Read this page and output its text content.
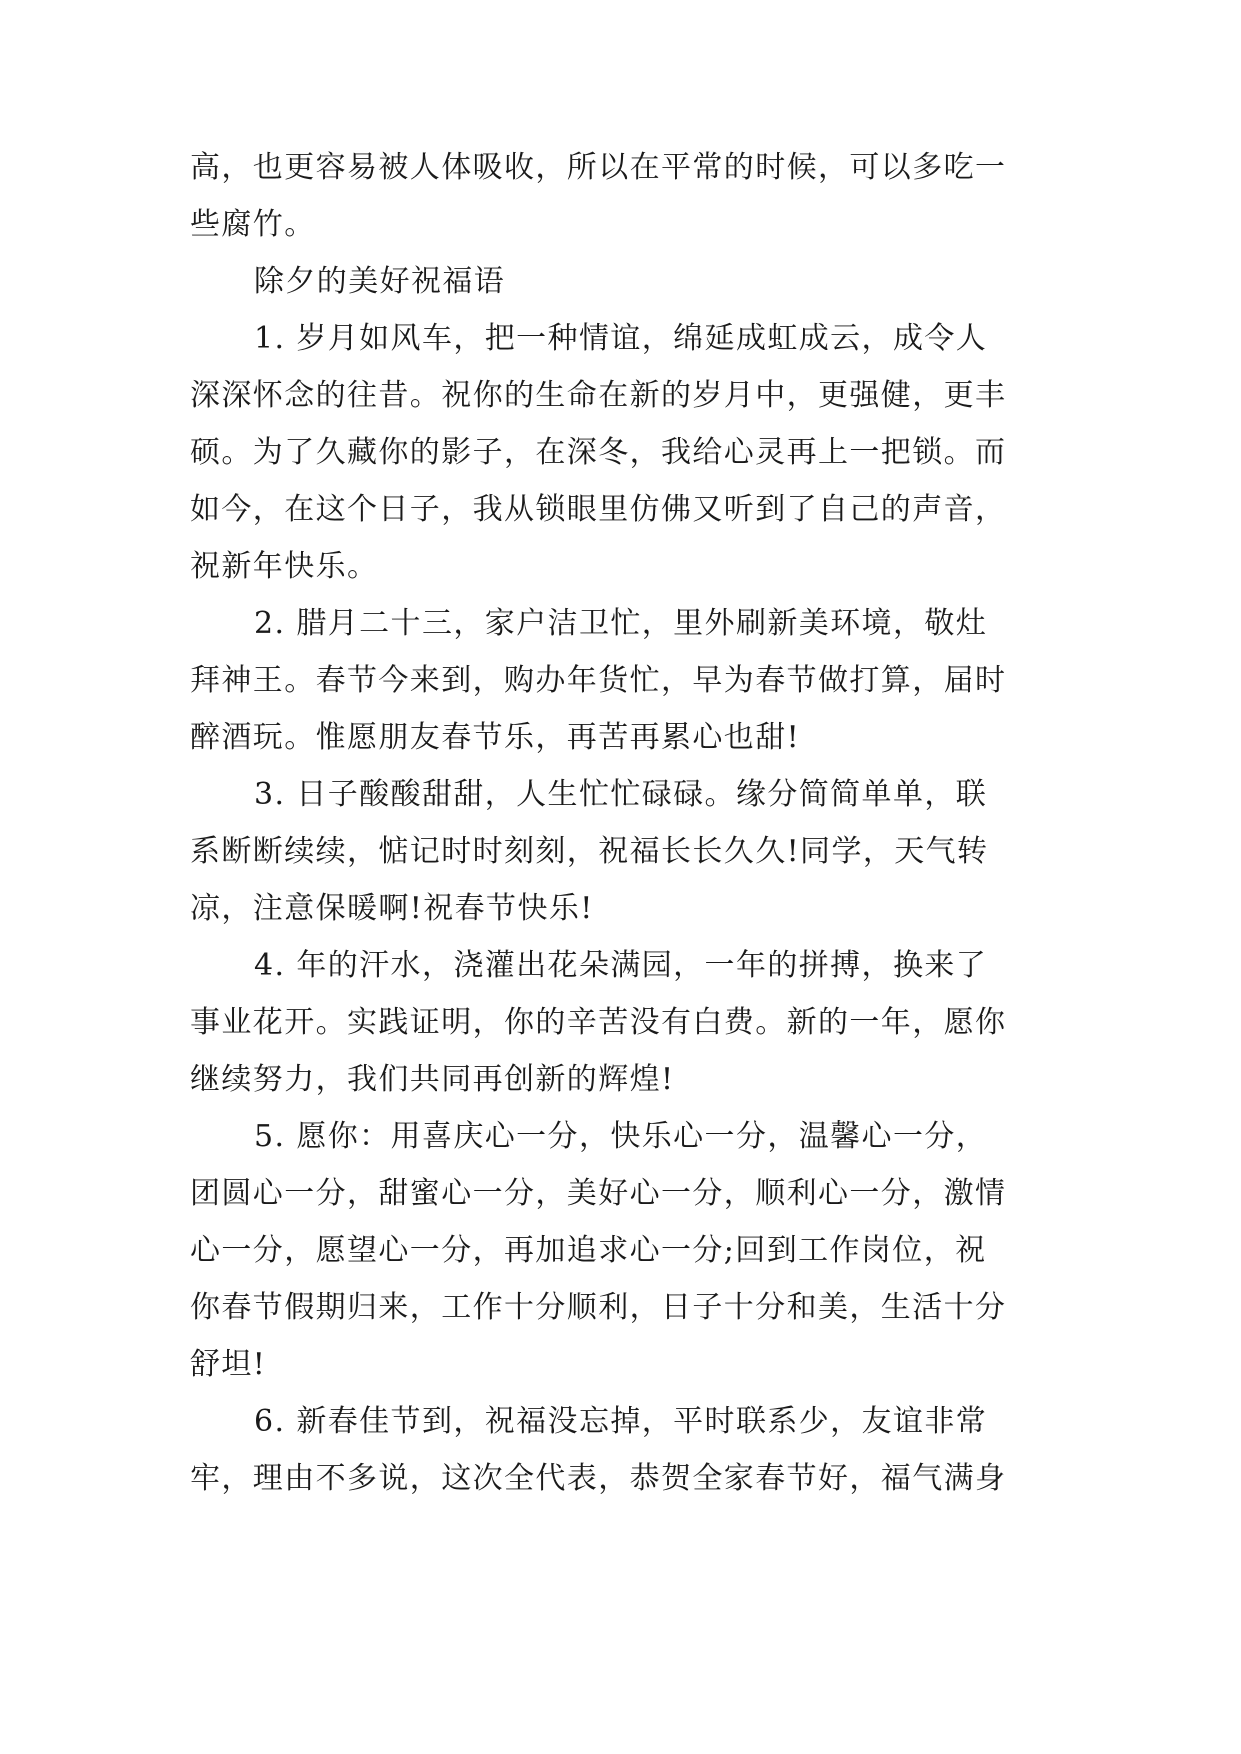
高，也更容易被人体吸收，所以在平常的时候，可以多吃一
些腐竹。
除夕的美好祝福语
1. 岁月如风车，把一种情谊，绵延成虹成云，成令人
深深怀念的往昔。祝你的生命在新的岁月中，更强健，更丰
硕。为了久藏你的影子，在深冬，我给心灵再上一把锁。而
如今，在这个日子，我从锁眼里仿佛又听到了自己的声音，
祝新年快乐。
2. 腊月二十三，家户洁卫忙，里外刷新美环境，敬灶
拜神王。春节今来到，购办年货忙，早为春节做打算，届时
醉酒玩。惟愿朋友春节乐，再苦再累心也甜!
3. 日子酸酸甜甜，人生忙忙碌碌。缘分简简单单，联
系断断续续，惦记时时刻刻，祝福长长久久!同学，天气转
凉，注意保暖啊!祝春节快乐!
4. 年的汗水，浇灌出花朵满园，一年的拼搏，换来了
事业花开。实践证明，你的辛苦没有白费。新的一年，愿你
继续努力，我们共同再创新的辉煌!
5. 愿你：用喜庆心一分，快乐心一分，温馨心一分，
团圆心一分，甜蜜心一分，美好心一分，顺利心一分，激情
心一分，愿望心一分，再加追求心一分;回到工作岗位，祝
你春节假期归来，工作十分顺利，日子十分和美，生活十分
舒坦!
6. 新春佳节到，祝福没忘掉，平时联系少，友谊非常
牢，理由不多说，这次全代表，恭贺全家春节好，福气满身
